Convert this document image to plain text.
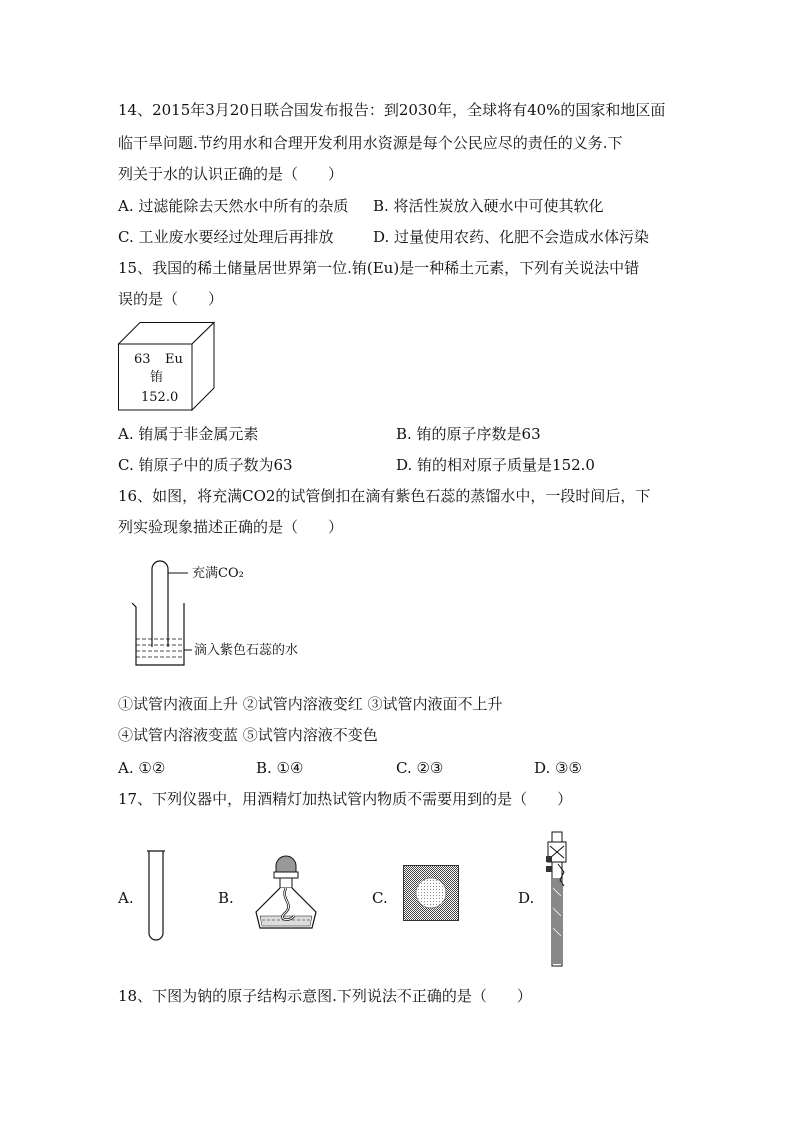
14、2015年3月20日联合国发布报告：到2030年，全球将有40%的国家和地区面
临干旱问题.节约用水和合理开发利用水资源是每个公民应尽的责任的义务.下
列关于水的认识正确的是（　　）
A. 过滤能除去天然水中所有的杂质 B. 将活性炭放入硬水中可使其软化
C. 工业废水要经过处理后再排放	D. 过量使用农药、化肥不会造成水体污染
15、我国的稀土储量居世界第一位.铕(Eu)是一种稀土元素，下列有关说法中错
误的是（　　）
63 Eu
铕
152.0
A. 铕属于非金属元素	B. 铕的原子序数是63
C. 铕原子中的质子数为63	D. 铕的相对原子质量是152.0
16、如图，将充满CO2的试管倒扣在滴有紫色石蕊的蒸馏水中，一段时间后，下
列实验现象描述正确的是（　　）
充满CO₂
滴入紫色石蕊的水
①试管内液面上升 ②试管内溶液变红 ③试管内液面不上升
④试管内溶液变蓝 ⑤试管内溶液不变色
A. ①②	B. ①④	C. ②③	D. ③⑤
17、下列仪器中，用酒精灯加热试管内物质不需要用到的是（　　）
A.	B.	C.	D.
18、下图为钠的原子结构示意图.下列说法不正确的是（　　）
